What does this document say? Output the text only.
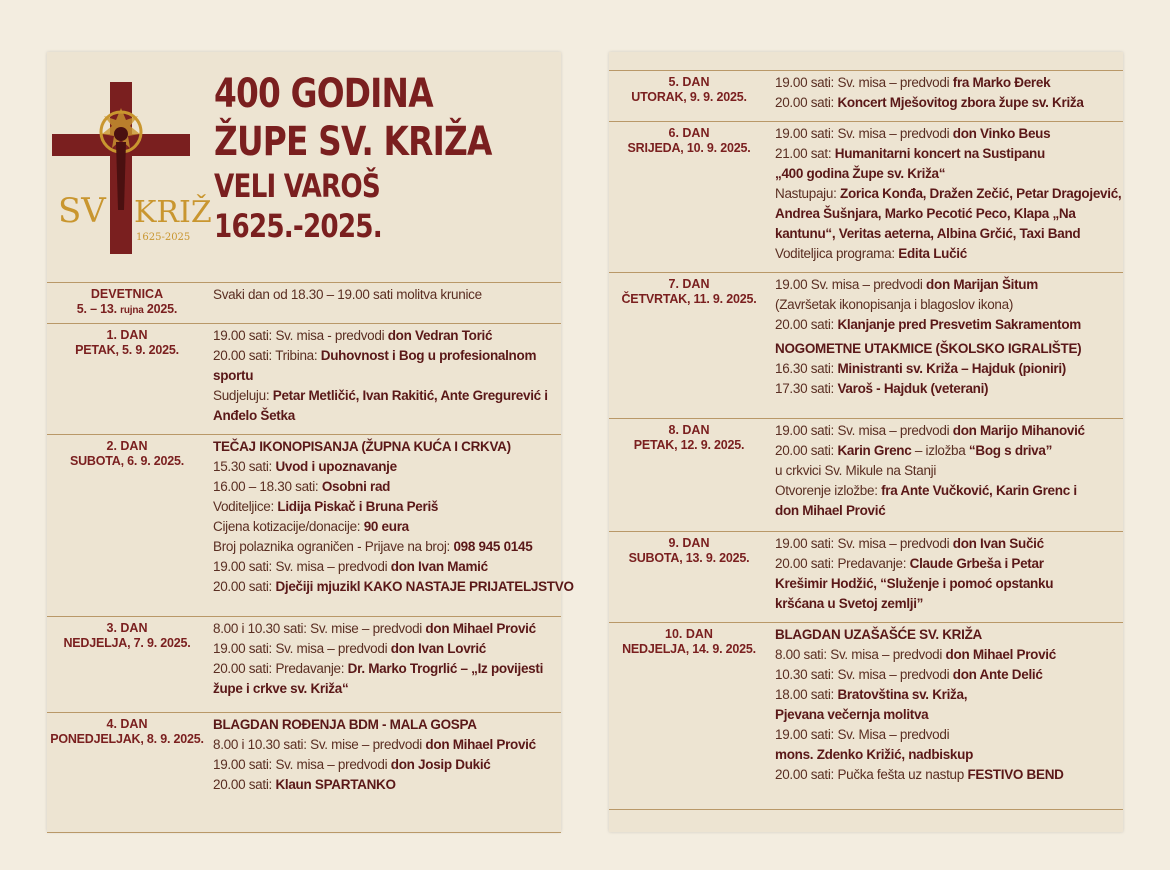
SV KRIŽ
1625-2025
400 GODINA
ŽUPE SV. KRIŽA
VELI VAROŠ
1625.-2025.
DEVETNICA
5. – 13. rujna 2025.
Svaki dan od 18.30 – 19.00 sati molitva krunice
1. DAN
PETAK, 5. 9. 2025.
19.00 sati: Sv. misa - predvodi don Vedran Torić
20.00 sati: Tribina: Duhovnost i Bog u profesionalnom
sportu
Sudjeluju: Petar Metličić, Ivan Rakitić, Ante Gregurević i
Anđelo Šetka
2. DAN
SUBOTA, 6. 9. 2025.
TEČAJ IKONOPISANJA (ŽUPNA KUĆA I CRKVA)
15.30 sati: Uvod i upoznavanje
16.00 – 18.30 sati: Osobni rad
Voditeljice: Lidija Piskač i Bruna Periš
Cijena kotizacije/donacije: 90 eura
Broj polaznika ograničen - Prijave na broj: 098 945 0145
19.00 sati: Sv. misa – predvodi don Ivan Mamić
20.00 sati: Dječiji mjuzikl KAKO NASTAJE PRIJATELJSTVO
3. DAN
NEDJELJA, 7. 9. 2025.
8.00 i 10.30 sati: Sv. mise – predvodi don Mihael Prović
19.00 sati: Sv. misa – predvodi don Ivan Lovrić
20.00 sati: Predavanje: Dr. Marko Trogrlić – „Iz povijesti
župe i crkve sv. Križa“
4. DAN
PONEDJELJAK, 8. 9. 2025.
BLAGDAN ROĐENJA BDM - MALA GOSPA
8.00 i 10.30 sati: Sv. mise – predvodi don Mihael Prović
19.00 sati: Sv. misa – predvodi don Josip Dukić
20.00 sati: Klaun SPARTANKO
5. DAN
UTORAK, 9. 9. 2025.
19.00 sati: Sv. misa – predvodi fra Marko Đerek
20.00 sati: Koncert Mješovitog zbora župe sv. Križa
6. DAN
SRIJEDA, 10. 9. 2025.
19.00 sati: Sv. misa – predvodi don Vinko Beus
21.00 sat: Humanitarni koncert na Sustipanu
„400 godina Župe sv. Križa“
Nastupaju: Zorica Konđa, Dražen Zečić, Petar Dragojević,
Andrea Šušnjara, Marko Pecotić Peco, Klapa „Na
kantunu“, Veritas aeterna, Albina Grčić, Taxi Band
Voditeljica programa: Edita Lučić
7. DAN
ČETVRTAK, 11. 9. 2025.
19.00 Sv. misa – predvodi don Marijan Šitum
(Završetak ikonopisanja i blagoslov ikona)
20.00 sati: Klanjanje pred Presvetim Sakramentom
NOGOMETNE UTAKMICE (ŠKOLSKO IGRALIŠTE)
16.30 sati: Ministranti sv. Križa – Hajduk (pioniri)
17.30 sati: Varoš - Hajduk (veterani)
8. DAN
PETAK, 12. 9. 2025.
19.00 sati: Sv. misa – predvodi don Marijo Mihanović
20.00 sati: Karin Grenc – izložba “Bog s driva”
u crkvici Sv. Mikule na Stanji
Otvorenje izložbe: fra Ante Vučković, Karin Grenc i
don Mihael Prović
9. DAN
SUBOTA, 13. 9. 2025.
19.00 sati: Sv. misa – predvodi don Ivan Sučić
20.00 sati: Predavanje: Claude Grbeša i Petar
Krešimir Hodžić, “Služenje i pomoć opstanku
kršćana u Svetoj zemlji”
10. DAN
NEDJELJA, 14. 9. 2025.
BLAGDAN UZAŠAŠĆE SV. KRIŽA
8.00 sati: Sv. misa – predvodi don Mihael Prović
10.30 sati: Sv. misa – predvodi don Ante Delić
18.00 sati: Bratovština sv. Križa,
Pjevana večernja molitva
19.00 sati: Sv. Misa – predvodi
mons. Zdenko Križić, nadbiskup
20.00 sati: Pučka fešta uz nastup FESTIVO BEND
